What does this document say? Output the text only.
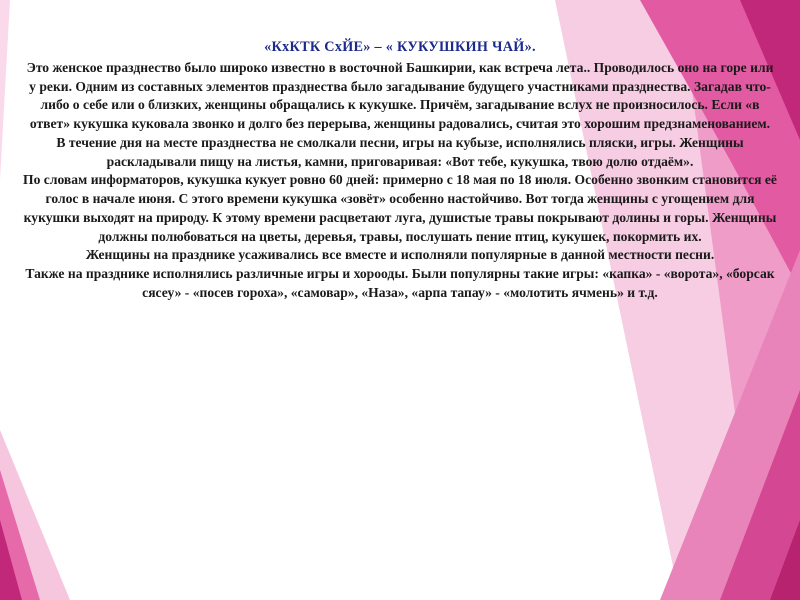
«КхКТК СхЙЕ» – « КУКУШКИН ЧАЙ».

Это женское празднество было широко известно в восточной Башкирии, как встреча лета.. Проводилось оно на горе или у реки. Одним из составных элементов празднества было загадывание будущего участниками празднества. Загадав что-либо о себе или о близких, женщины обращались к кукушке. Причём, загадывание вслух не произносилось. Если «в ответ» кукушка куковала звонко и долго без перерыва, женщины радовались, считая это хорошим предзнаменованием.

В течение дня на месте празднества не смолкали песни, игры на кубызе, исполнялись пляски, игры. Женщины раскладывали пищу на листья, камни, приговаривая: «Вот тебе, кукушка, твою долю отдаём».

По словам информаторов, кукушка кукует ровно 60 дней: примерно с 18 мая по 18 июля. Особенно звонким становится её голос в начале июня. С этого времени кукушка «зовёт» особенно настойчиво. Вот тогда женщины с угощением для кукушки выходят на природу. К этому времени расцветают луга, душистые травы покрывают долины и горы. Женщины должны полюбоваться на цветы, деревья, травы, послушать пение птиц, кукушек, покормить их.

Женщины на празднике усаживались все вместе и исполняли популярные в данной местности песни.

Также на празднике исполнялись различные игры и хорооды. Были популярны такие игры: «капка» - «ворота», «борсак сясеу» - «посев гороха», «самовар», «Наза», «арпа тапау» - «молотить ячмень» и т.д.
